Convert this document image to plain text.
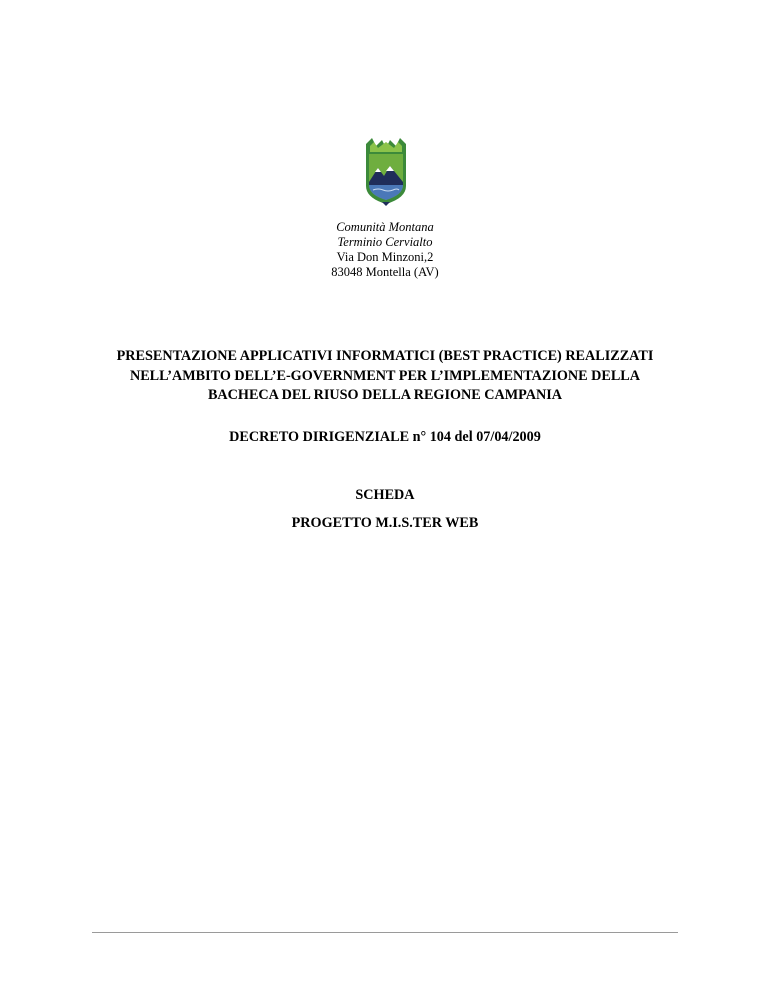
Comunità Montana
Terminio Cervialto
Via Don Minzoni,2
83048 Montella (AV)
PRESENTAZIONE APPLICATIVI INFORMATICI (BEST PRACTICE) REALIZZATI
NELL’AMBITO DELL’E-GOVERNMENT PER L’IMPLEMENTAZIONE DELLA
BACHECA DEL RIUSO DELLA REGIONE CAMPANIA
DECRETO DIRIGENZIALE n° 104 del 07/04/2009
SCHEDA
PROGETTO M.I.S.TER WEB
